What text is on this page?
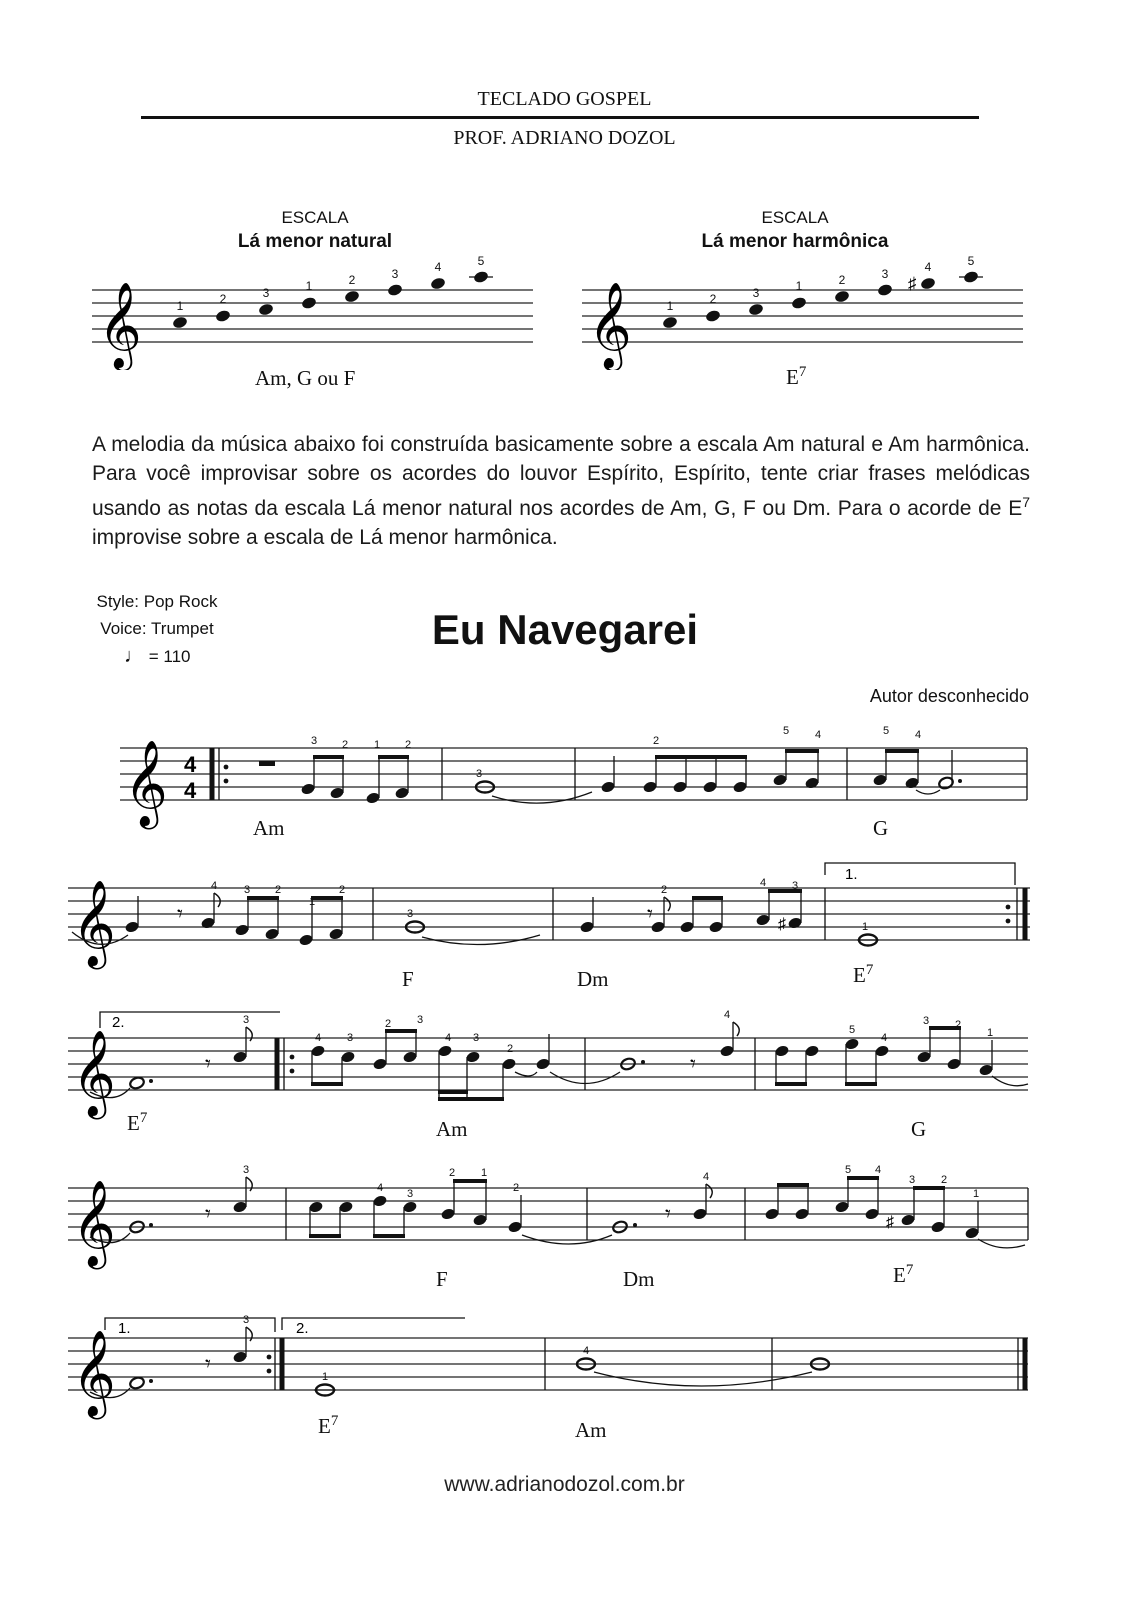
TECLADO GOSPEL
PROF. ADRIANO DOZOL
ESCALA
Lá menor natural
𝄞	1	2	3	1	2	3	4	5
Am, G ou F
ESCALA
Lá menor harmônica
𝄞	♯
1	2	3	1	2	3	4	5
$E^7$
A melodia da música abaixo foi construída basicamente sobre a escala Am natural e Am harmônica. Para você improvisar sobre os acordes do louvor Espírito, Espírito, tente criar frases melódicas usando as notas da escala Lá menor natural nos acordes de Am, G, F ou Dm. Para o acorde de $E^7$ improvise sobre a escala de Lá menor harmônica.
Style: Pop Rock
Voice: Trumpet
♩ = 110
Eu Navegarei
Autor desconhecido
𝄞 4
4
3 2 1 2
3
2
5 4	5 4
Am	G
𝄞
1.
𝄾	𝄾	♯
4 3 2
1
2
3
2
4 3
1
F	Dm	$E^7$
𝄞
2.
𝄾	𝄾
3
4 3
2 3
4 3
2
4
5
4
3 2
1
$E^7$	Am	G
𝄞	𝄾	𝄾	♯
3
4 3
2 1
2
4
5 4
3 2
1
F	Dm	$E^7$
𝄞
1.	2.
𝄾
3
1
4
$E^7$	Am
www.adrianodozol.com.br
